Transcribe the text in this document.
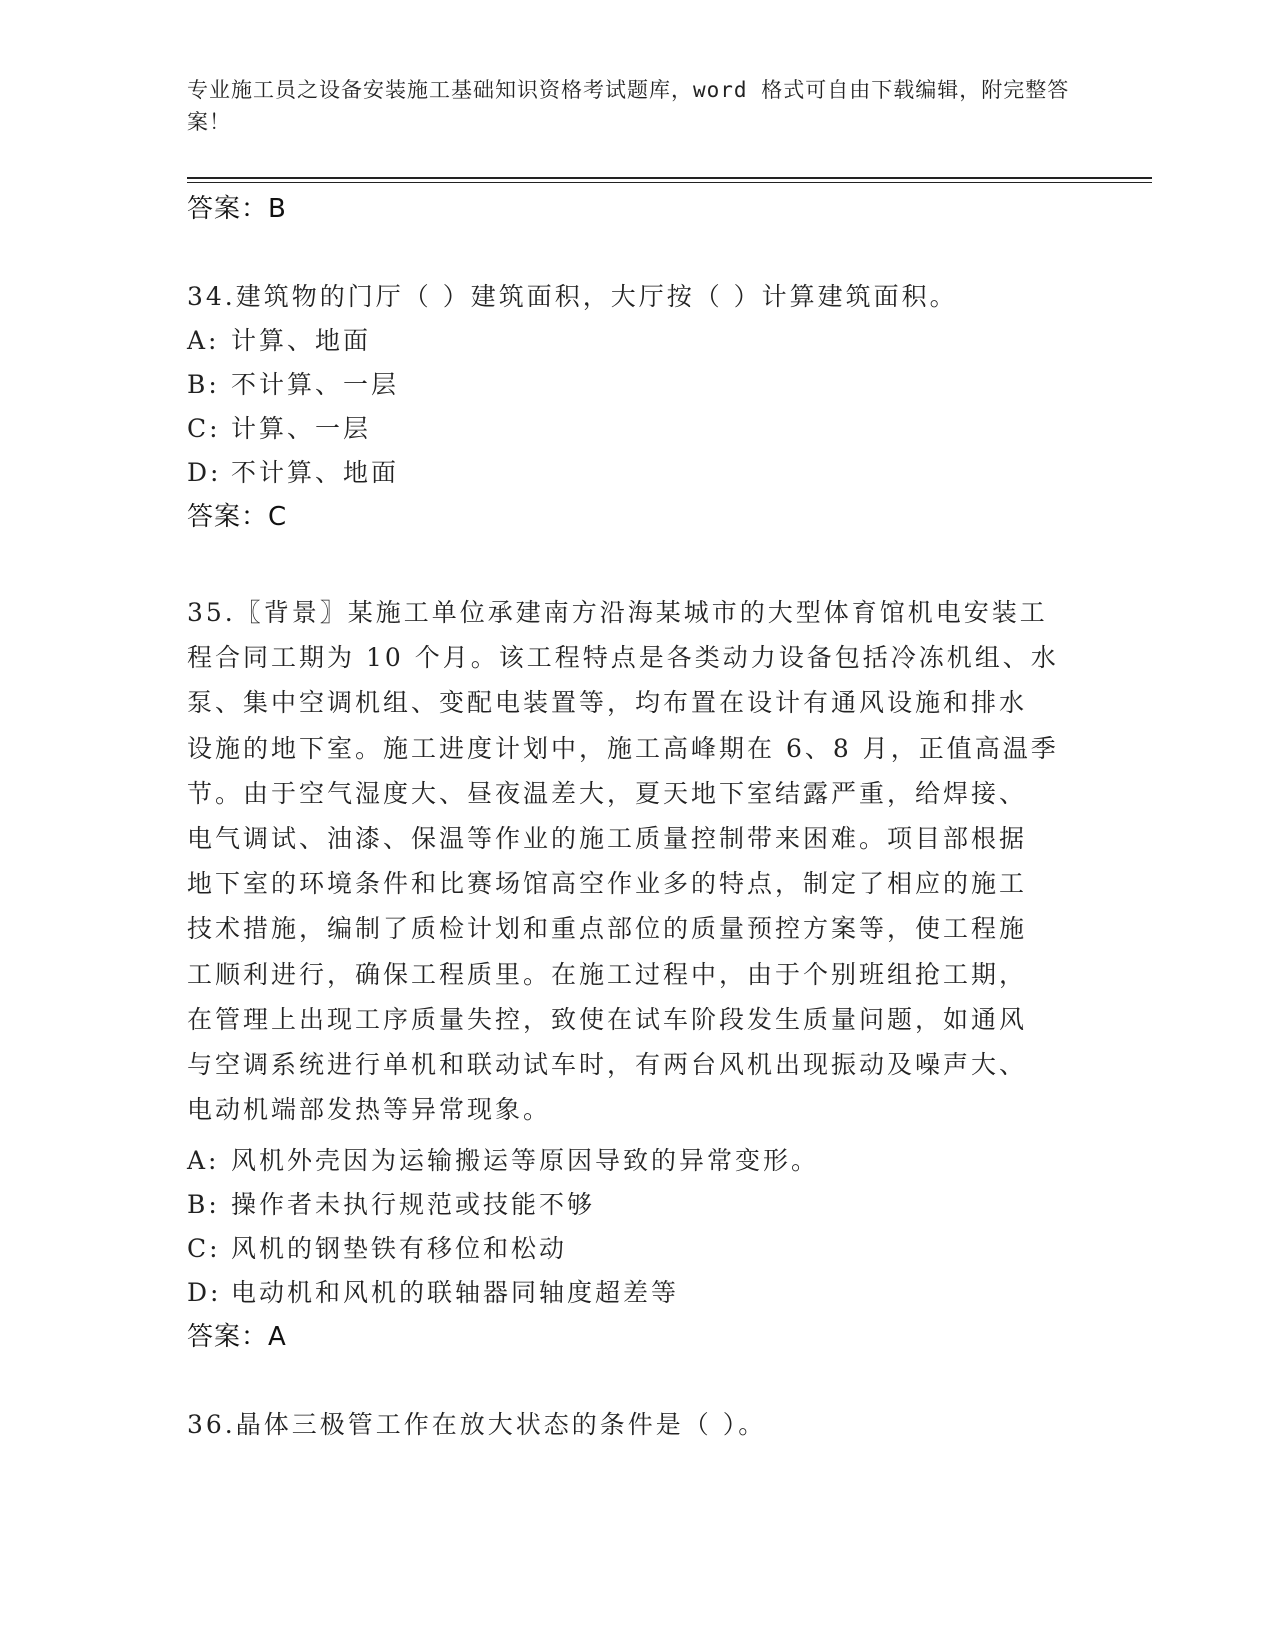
专业施工员之设备安装施工基础知识资格考试题库，word 格式可自由下载编辑，附完整答案！
答案：B
34.建筑物的门厅（ ）建筑面积，大厅按（ ）计算建筑面积。
A: 计算、地面
B: 不计算、一层
C: 计算、一层
D: 不计算、地面
答案：C
35.〖背景〗某施工单位承建南方沿海某城市的大型体育馆机电安装工
程合同工期为 10 个月。该工程特点是各类动力设备包括冷冻机组、水
泵、集中空调机组、变配电装置等，均布置在设计有通风设施和排水
设施的地下室。施工进度计划中，施工高峰期在 6、8 月，正值高温季
节。由于空气湿度大、昼夜温差大，夏天地下室结露严重，给焊接、
电气调试、油漆、保温等作业的施工质量控制带来困难。项目部根据
地下室的环境条件和比赛场馆高空作业多的特点，制定了相应的施工
技术措施，编制了质检计划和重点部位的质量预控方案等，使工程施
工顺利进行，确保工程质里。在施工过程中，由于个别班组抢工期，
在管理上出现工序质量失控，致使在试车阶段发生质量问题，如通风
与空调系统进行单机和联动试车时，有两台风机出现振动及噪声大、
电动机端部发热等异常现象。
A: 风机外壳因为运输搬运等原因导致的异常变形。
B: 操作者未执行规范或技能不够
C: 风机的钢垫铁有移位和松动
D: 电动机和风机的联轴器同轴度超差等
答案：A
36.晶体三极管工作在放大状态的条件是（ ）。
